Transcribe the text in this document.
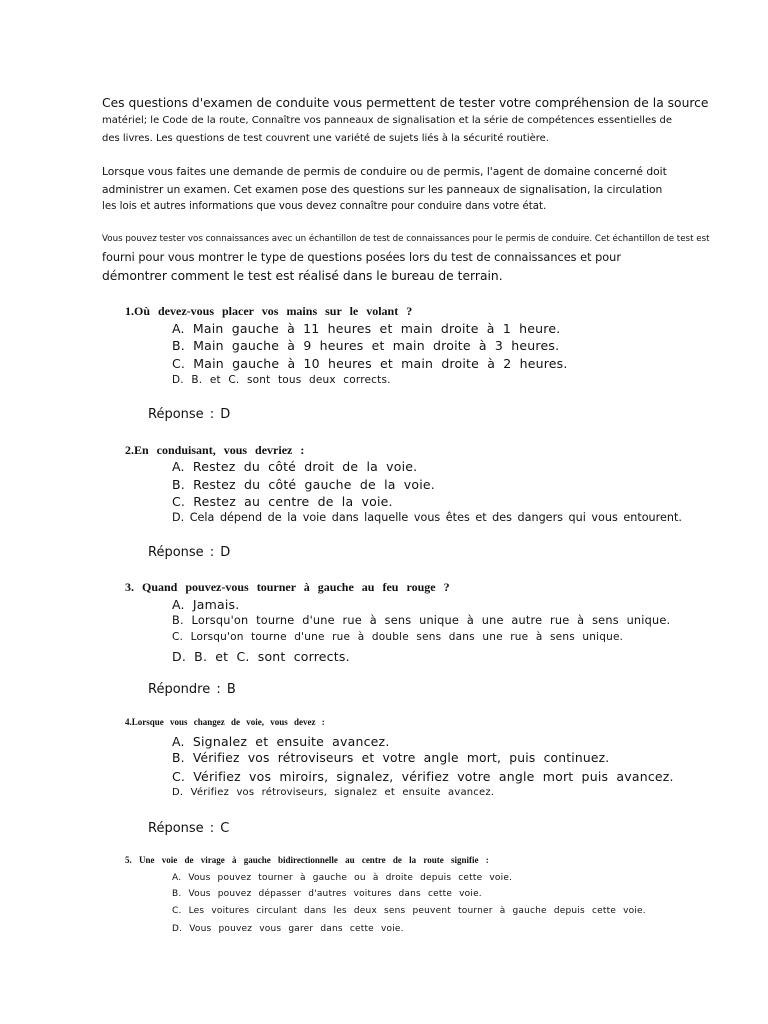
Ces questions d'examen de conduite vous permettent de tester votre compréhension de la source
matériel; le Code de la route, Connaître vos panneaux de signalisation et la série de compétences essentielles de
des livres. Les questions de test couvrent une variété de sujets liés à la sécurité routière.
Lorsque vous faites une demande de permis de conduire ou de permis, l'agent de domaine concerné doit
administrer un examen. Cet examen pose des questions sur les panneaux de signalisation, la circulation
les lois et autres informations que vous devez connaître pour conduire dans votre état.
Vous pouvez tester vos connaissances avec un échantillon de test de connaissances pour le permis de conduire. Cet échantillon de test est
fourni pour vous montrer le type de questions posées lors du test de connaissances et pour
démontrer comment le test est réalisé dans le bureau de terrain.
1.Où devez-vous placer vos mains sur le volant ?
A. Main gauche à 11 heures et main droite à 1 heure.
B. Main gauche à 9 heures et main droite à 3 heures.
C. Main gauche à 10 heures et main droite à 2 heures.
D. B. et C. sont tous deux corrects.
Réponse : D
2.En conduisant, vous devriez :
A. Restez du côté droit de la voie.
B. Restez du côté gauche de la voie.
C. Restez au centre de la voie.
D. Cela dépend de la voie dans laquelle vous êtes et des dangers qui vous entourent.
Réponse : D
3. Quand pouvez-vous tourner à gauche au feu rouge ?
A. Jamais.
B. Lorsqu'on tourne d'une rue à sens unique à une autre rue à sens unique.
C. Lorsqu'on tourne d'une rue à double sens dans une rue à sens unique.
D. B. et C. sont corrects.
Répondre : B
4.Lorsque vous changez de voie, vous devez :
A. Signalez et ensuite avancez.
B. Vérifiez vos rétroviseurs et votre angle mort, puis continuez.
C. Vérifiez vos miroirs, signalez, vérifiez votre angle mort puis avancez.
D. Vérifiez vos rétroviseurs, signalez et ensuite avancez.
Réponse : C
5. Une voie de virage à gauche bidirectionnelle au centre de la route signifie :
A. Vous pouvez tourner à gauche ou à droite depuis cette voie.
B. Vous pouvez dépasser d'autres voitures dans cette voie.
C. Les voitures circulant dans les deux sens peuvent tourner à gauche depuis cette voie.
D. Vous pouvez vous garer dans cette voie.
